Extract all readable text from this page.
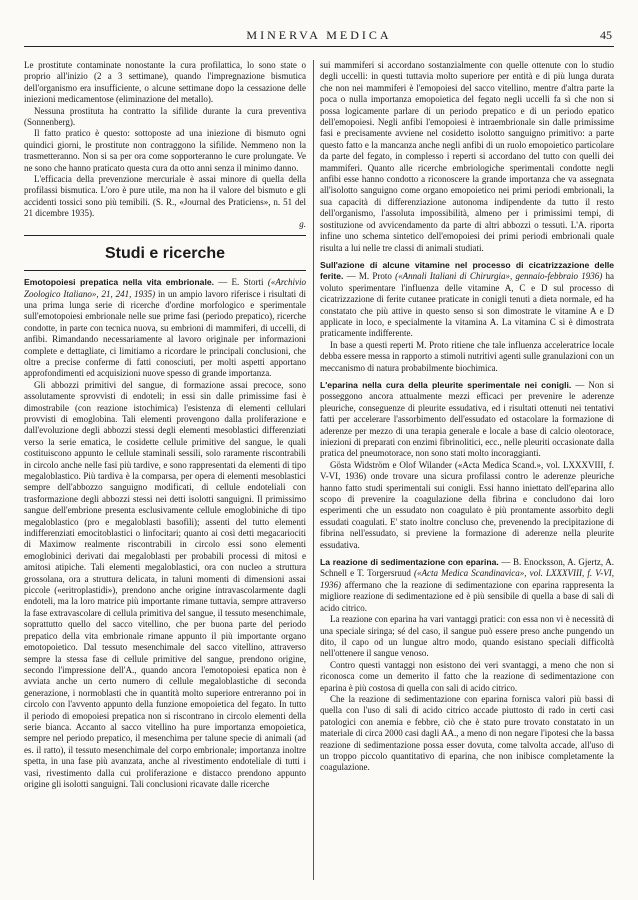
MINERVA MEDICA	45

Le prostitute contaminate nonostante la cura profilattica, lo sono state o proprio all'inizio (2 a 3 settimane), quando l'impregnazione bismutica dell'organismo era insufficiente, o alcune settimane dopo la cessazione delle iniezioni medicamentose (eliminazione del metallo).

Nessuna prostituta ha contratto la sifilide durante la cura preventiva (Sonnenberg).

Il fatto pratico è questo: sottoposte ad una iniezione di bismuto ogni quindici giorni, le prostitute non contraggono la sifilide. Nemmeno non la trasmetteranno. Non si sa per ora come sopporteranno le cure prolungate. Ve ne sono che hanno praticato questa cura da otto anni senza il minimo danno.

L'efficacia della prevenzione mercuriale è assai minore di quella della profilassi bismutica. L'oro è pure utile, ma non ha il valore del bismuto e gli accidenti tossici sono più temibili. (S. R., «Journal des Praticiens», n. 51 del 21 dicembre 1935).

g.
Studi e ricerche

Emotopoiesi prepatica nella vita embrionale. — E. Storti («Archivio Zoologico Italiano», 21, 241, 1935) in un ampio lavoro riferisce i risultati di una prima lunga serie di ricerche d'ordine morfologico e sperimentale sull'emotopoiesi embrionale nelle sue prime fasi (periodo prepatico), ricerche condotte, in parte con tecnica nuova, su embrioni di mammiferi, di uccelli, di anfibi. Rimandando necessariamente al lavoro originale per informazioni complete e dettagliate, ci limitiamo a ricordare le principali conclusioni, che oltre a precise conferme di fatti conosciuti, per molti aspetti apportano approfondimenti ed acquisizioni nuove spesso di grande importanza.

Gli abbozzi primitivi del sangue, di formazione assai precoce, sono assolutamente sprovvisti di endoteli; in essi sin dalle primissime fasi è dimostrabile (con reazione istochimica) l'esistenza di elementi cellulari provvisti di emoglobina. Tali elementi provengono dalla proliferazione e dall'evoluzione degli abbozzi stessi degli elementi mesoblastici differenziati verso la serie ematica, le cosidette cellule primitive del sangue, le quali costituiscono appunto le cellule staminali sessili, solo raramente riscontrabili in circolo anche nelle fasi più tardive, e sono rappresentati da elementi di tipo megaloblastico. Più tardiva è la comparsa, per opera di elementi mesoblastici sempre dell'abbozzo sanguigno modificati, di cellule endoteliali con trasformazione degli abbozzi stessi nei detti isolotti sanguigni. Il primissimo sangue dell'embrione presenta esclusivamente cellule emoglobiniche di tipo megaloblastico (pro e megaloblasti basofili); assenti del tutto elementi indifferenziati emocitoblastici o linfocitari; quanto ai così detti megacariociti di Maximow realmente riscontrabili in circolo essi sono elementi emoglobinici derivati dai megaloblasti per probabili processi di mitosi e amitosi atipiche. Tali elementi megaloblastici, ora con nucleo a struttura grossolana, ora a struttura delicata, in taluni momenti di dimensioni assai piccole («eritroplastidi»), prendono anche origine intravascolarmente dagli endoteli, ma la loro matrice più importante rimane tuttavia, sempre attraverso la fase extravascolare di cellula primitiva del sangue, il tessuto mesenchimale, soprattutto quello del sacco vitellino, che per buona parte del periodo prepatico della vita embrionale rimane appunto il più importante organo emotopoietico. Dal tessuto mesenchimale del sacco vitellino, attraverso sempre la stessa fase di cellule primitive del sangue, prendono origine, secondo l'impressione dell'A., quando ancora l'emotopoiesi epatica non è avviata anche un certo numero di cellule megaloblastiche di seconda generazione, i normoblasti che in quantità molto superiore entreranno poi in circolo con l'avvento appunto della funzione emopoietica del fegato. In tutto il periodo di emopoiesi prepatica non si riscontrano in circolo elementi della serie bianca. Accanto al sacco vitellino ha pure importanza emopoietica, sempre nel periodo prepatico, il mesenchima per talune specie di animali (ad es. il ratto), il tessuto mesenchimale del corpo embrionale; importanza inoltre spetta, in una fase più avanzata, anche al rivestimento endoteliale di tutti i vasi, rivestimento dalla cui proliferazione e distacco prendono appunto origine gli isolotti sanguigni. Tali conclusioni ricavate dalle ricerche

sui mammiferi si accordano sostanzialmente con quelle ottenute con lo studio degli uccelli: in questi tuttavia molto superiore per entità e di più lunga durata che non nei mammiferi è l'emopoiesi del sacco vitellino, mentre d'altra parte la poca o nulla importanza emopoietica del fegato negli uccelli fa sì che non si possa logicamente parlare di un periodo prepatico e di un periodo epatico dell'emopoiesi. Negli anfibi l'emopoiesi è intraembrionale sin dalle primissime fasi e precisamente avviene nel cosidetto isolotto sanguigno primitivo: a parte questo fatto e la mancanza anche negli anfibi di un ruolo emopoietico particolare da parte del fegato, in complesso i reperti si accordano del tutto con quelli dei mammiferi. Quanto alle ricerche embriologiche sperimentali condotte negli anfibi esse hanno condotto a riconoscere la grande importanza che va assegnata all'isolotto sanguigno come organo emopoietico nei primi periodi embrionali, la sua capacità di differenziazione autonoma indipendente da tutto il resto dell'organismo, l'assoluta impossibilità, almeno per i primissimi tempi, di sostituzione od avvicendamento da parte di altri abbozzi o tessuti. L'A. riporta infine uno schema sintetico dell'emopoiesi dei primi periodi embrionali quale risulta a lui nelle tre classi di animali studiati.

Sull'azione di alcune vitamine nel processo di cicatrizzazione delle ferite. — M. Proto («Annali Italiani di Chirurgia», gennaio-febbraio 1936) ha voluto sperimentare l'influenza delle vitamine A, C e D sul processo di cicatrizzazione di ferite cutanee praticate in conigli tenuti a dieta normale, ed ha constatato che più attive in questo senso si son dimostrate le vitamine A e D applicate in loco, e specialmente la vitamina A. La vitamina C si è dimostrata praticamente indifferente.

In base a questi reperti M. Proto ritiene che tale influenza acceleratrice locale debba essere messa in rapporto a stimoli nutritivi agenti sulle granulazioni con un meccanismo di natura probabilmente biochimica.

L'eparina nella cura della pleurite sperimentale nei conigli. — Non si posseggono ancora attualmente mezzi efficaci per prevenire le aderenze pleuriche, conseguenze di pleurite essudativa, ed i risultati ottenuti nei tentativi fatti per accelerare l'assorbimento dell'essudato ed ostacolare la formazione di aderenze per mezzo di una terapia generale e locale a base di calcio oleotorace, iniezioni di preparati con enzimi fibrinolitici, ecc., nelle pleuriti occasionate dalla pratica del pneumotorace, non sono stati molto incoraggianti.

Gösta Widström e Olof Wilander («Acta Medica Scand.», vol. LXXXVIII, f. V-VI, 1936) onde trovare una sicura profilassi contro le aderenze pleuriche hanno fatto studi sperimentali sui conigli. Essi hanno iniettato dell'eparina allo scopo di prevenire la coagulazione della fibrina e concludono dai loro esperimenti che un essudato non coagulato è più prontamente assorbito degli essudati coagulati. E' stato inoltre concluso che, prevenendo la precipitazione di fibrina nell'essudato, si previene la formazione di aderenze nella pleurite essudativa.

La reazione di sedimentazione con eparina. — B. Enocksson, A. Gjertz, A. Schnell e T. Torgersruud («Acta Medica Scandinavica», vol. LXXXVIII, f. V-VI, 1936) affermano che la reazione di sedimentazione con eparina rappresenta la migliore reazione di sedimentazione ed è più sensibile di quella a base di sali di acido citrico.

La reazione con eparina ha vari vantaggi pratici: con essa non vi è necessità di una speciale siringa; sé del caso, il sangue può essere preso anche pungendo un dito, il capo od un lungue altro modo, quando esistano speciali difficoltà nell'ottenere il sangue venoso.

Contro questi vantaggi non esistono dei veri svantaggi, a meno che non si riconosca come un demerito il fatto che la reazione di sedimentazione con eparina è più costosa di quella con sali di acido citrico.

Che la reazione di sedimentazione con eparina fornisca valori più bassi di quella con l'uso di sali di acido citrico accade piuttosto di rado in certi casi patologici con anemia e febbre, ciò che è stato pure trovato constatato in un materiale di circa 2000 casi dagli AA., a meno di non negare l'ipotesi che la bassa reazione di sedimentazione possa esser dovuta, come talvolta accade, all'uso di un troppo piccolo quantitativo di eparina, che non inibisce completamente la coagulazione.
